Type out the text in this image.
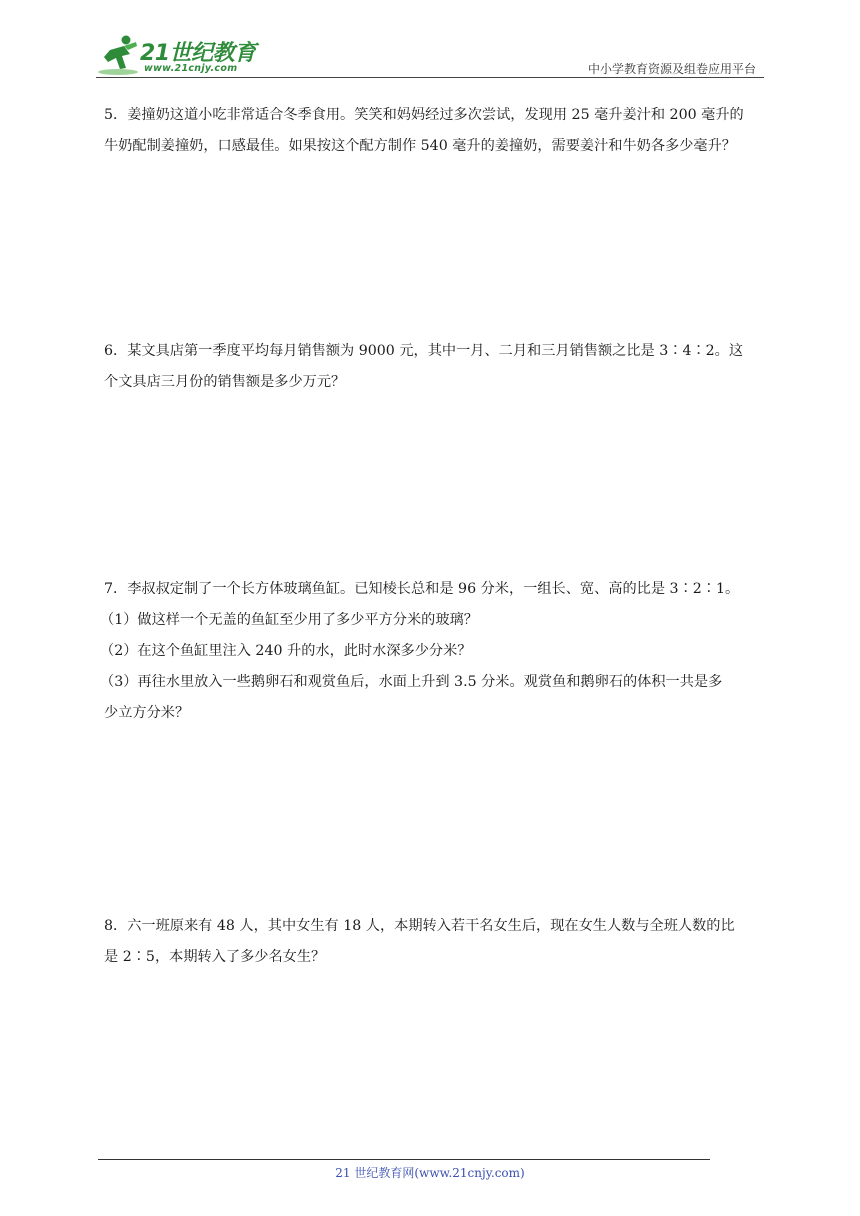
21世纪教育
www.21cnjy.com	中小学教育资源及组卷应用平台

5．姜撞奶这道小吃非常适合冬季食用。笑笑和妈妈经过多次尝试，发现用 25 毫升姜汁和 200 毫升的

牛奶配制姜撞奶，口感最佳。如果按这个配方制作 540 毫升的姜撞奶，需要姜汁和牛奶各多少毫升？

6．某文具店第一季度平均每月销售额为 9000 元，其中一月、二月和三月销售额之比是 3∶4∶2。这

个文具店三月份的销售额是多少万元？

7．李叔叔定制了一个长方体玻璃鱼缸。已知棱长总和是 96 分米，一组长、宽、高的比是 3∶2∶1。

（1）做这样一个无盖的鱼缸至少用了多少平方分米的玻璃？

（2）在这个鱼缸里注入 240 升的水，此时水深多少分米？

（3）再往水里放入一些鹅卵石和观赏鱼后，水面上升到 3.5 分米。观赏鱼和鹅卵石的体积一共是多

少立方分米？

8．六一班原来有 48 人，其中女生有 18 人，本期转入若干名女生后，现在女生人数与全班人数的比

是 2∶5，本期转入了多少名女生？

21 世纪教育网(www.21cnjy.com)
